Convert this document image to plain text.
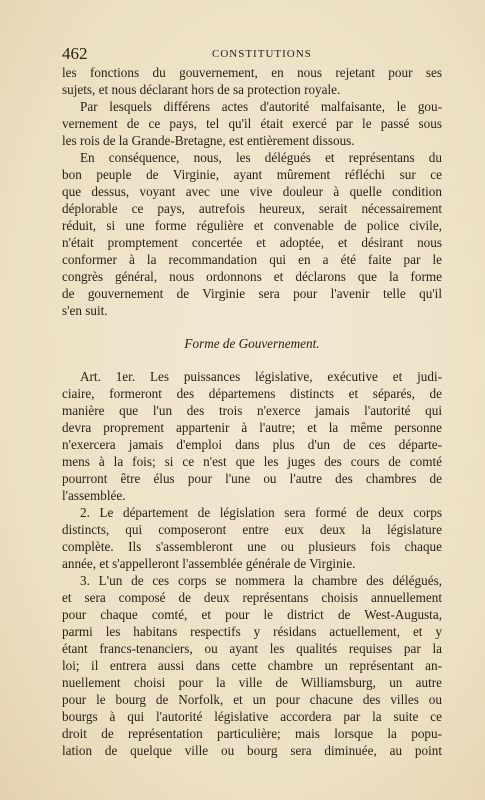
462	CONSTITUTIONS
les fonctions du gouvernement, en nous rejetant pour ses
sujets, et nous déclarant hors de sa protection royale.
Par lesquels différens actes d'autorité malfaisante, le gou-
vernement de ce pays, tel qu'il était exercé par le passé sous
les rois de la Grande-Bretagne, est entièrement dissous.
En conséquence, nous, les délégués et représentans du
bon peuple de Virginie, ayant mûrement réfléchi sur ce
que dessus, voyant avec une vive douleur à quelle condition
déplorable ce pays, autrefois heureux, serait nécessairement
réduit, si une forme régulière et convenable de police civile,
n'était promptement concertée et adoptée, et désirant nous
conformer à la recommandation qui en a été faite par le
congrès général, nous ordonnons et déclarons que la forme
de gouvernement de Virginie sera pour l'avenir telle qu'il
s'en suit.
Forme de Gouvernement.
Art. 1er. Les puissances législative, exécutive et judi-
ciaire, formeront des départemens distincts et séparés, de
manière que l'un des trois n'exerce jamais l'autorité qui
devra proprement appartenir à l'autre; et la même personne
n'exercera jamais d'emploi dans plus d'un de ces départe-
mens à la fois; si ce n'est que les juges des cours de comté
pourront être élus pour l'une ou l'autre des chambres de
l'assemblée.
2. Le département de législation sera formé de deux corps
distincts, qui composeront entre eux deux la législature
complète. Ils s'assembleront une ou plusieurs fois chaque
année, et s'appelleront l'assemblée générale de Virginie.
3. L'un de ces corps se nommera la chambre des délégués,
et sera composé de deux représentans choisis annuellement
pour chaque comté, et pour le district de West-Augusta,
parmi les habitans respectifs y résidans actuellement, et y
étant francs-tenanciers, ou ayant les qualités requises par la
loi; il entrera aussi dans cette chambre un représentant an-
nuellement choisi pour la ville de Williamsburg, un autre
pour le bourg de Norfolk, et un pour chacune des villes ou
bourgs à qui l'autorité législative accordera par la suite ce
droit de représentation particulière; mais lorsque la popu-
lation de quelque ville ou bourg sera diminuée, au point
